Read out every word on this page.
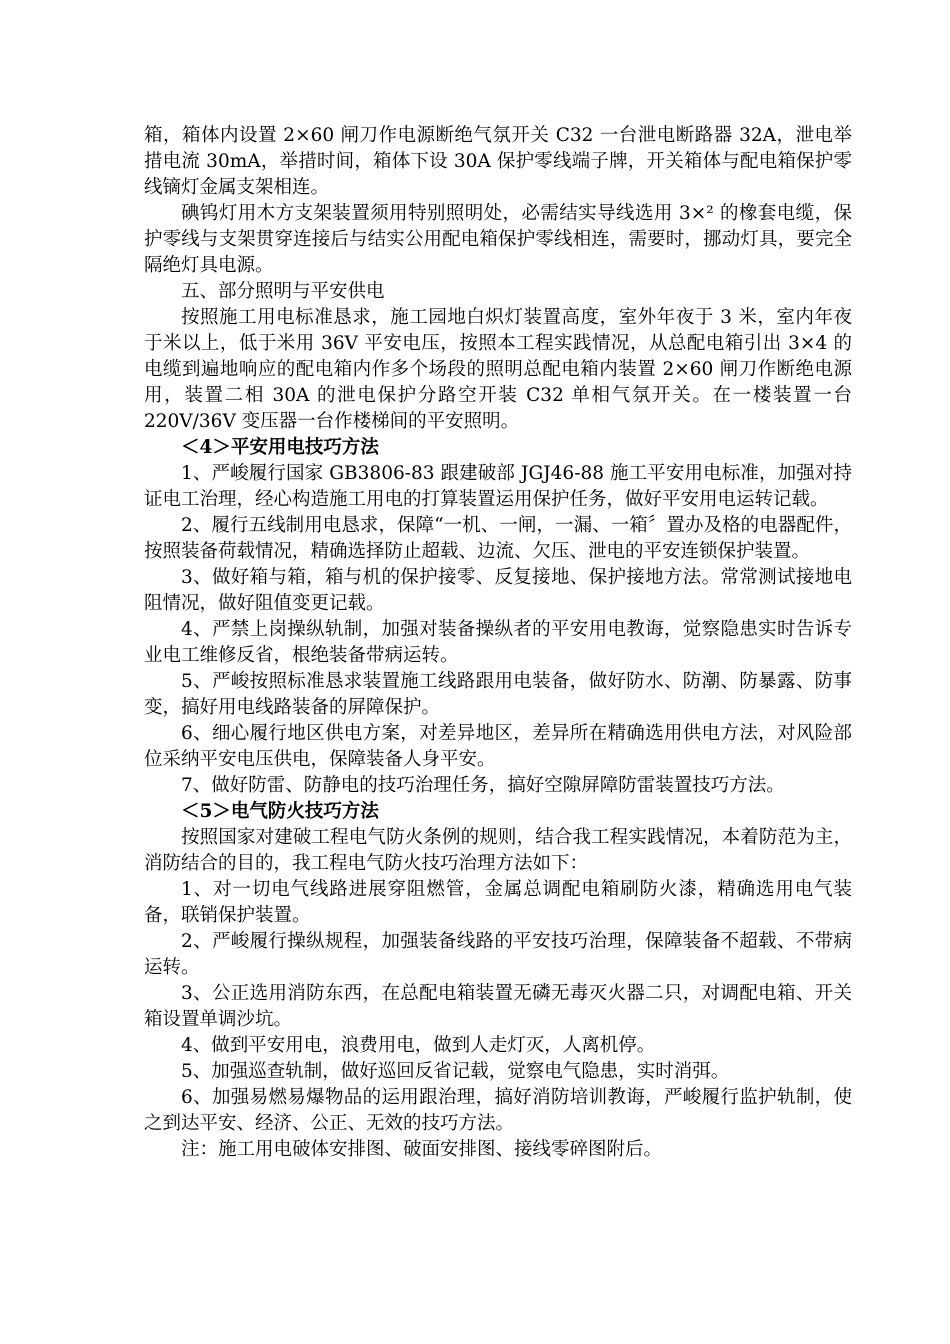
箱，箱体内设置 2×60 闸刀作电源断绝气氛开关 C32 一台泄电断路器 32A，泄电举措电流 30mA，举措时间，箱体下设 30A 保护零线端子牌，开关箱体与配电箱保护零线镝灯金属支架相连。

碘钨灯用木方支架装置须用特别照明处，必需结实导线选用 3×² 的橡套电缆，保护零线与支架贯穿连接后与结实公用配电箱保护零线相连，需要时，挪动灯具，要完全隔绝灯具电源。

五、部分照明与平安供电

按照施工用电标准恳求，施工园地白炽灯装置高度，室外年夜于 3 米，室内年夜于米以上，低于米用 36V 平安电压，按照本工程实践情况，从总配电箱引出 3×4 的电缆到遍地响应的配电箱内作多个场段的照明总配电箱内装置 2×60 闸刀作断绝电源用，装置二相 30A 的泄电保护分路空开装 C32 单相气氛开关。在一楼装置一台 220V/36V 变压器一台作楼梯间的平安照明。

＜4＞平安用电技巧方法

1、严峻履行国家 GB3806-83 跟建破部 JGJ46-88 施工平安用电标准，加强对持证电工治理，经心构造施工用电的打算装置运用保护任务，做好平安用电运转记载。

2、履行五线制用电恳求，保障“一机、一闸，一漏、一箱〞置办及格的电器配件，按照装备荷载情况，精确选择防止超载、边流、欠压、泄电的平安连锁保护装置。

3、做好箱与箱，箱与机的保护接零、反复接地、保护接地方法。常常测试接地电阻情况，做好阻值变更记载。

4、严禁上岗操纵轨制，加强对装备操纵者的平安用电教诲，觉察隐患实时告诉专业电工维修反省，根绝装备带病运转。

5、严峻按照标准恳求装置施工线路跟用电装备，做好防水、防潮、防暴露、防事变，搞好用电线路装备的屏障保护。

6、细心履行地区供电方案，对差异地区，差异所在精确选用供电方法，对风险部位采纳平安电压供电，保障装备人身平安。

7、做好防雷、防静电的技巧治理任务，搞好空隙屏障防雷装置技巧方法。

＜5＞电气防火技巧方法

按照国家对建破工程电气防火条例的规则，结合我工程实践情况，本着防范为主，消防结合的目的，我工程电气防火技巧治理方法如下：

1、对一切电气线路进展穿阻燃管，金属总调配电箱刷防火漆，精确选用电气装备，联销保护装置。

2、严峻履行操纵规程，加强装备线路的平安技巧治理，保障装备不超载、不带病运转。

3、公正选用消防东西，在总配电箱装置无磷无毒灭火器二只，对调配电箱、开关箱设置单调沙坑。

4、做到平安用电，浪费用电，做到人走灯灭，人离机停。

5、加强巡查轨制，做好巡回反省记载，觉察电气隐患，实时消弭。

6、加强易燃易爆物品的运用跟治理，搞好消防培训教诲，严峻履行监护轨制，使之到达平安、经济、公正、无效的技巧方法。

注：施工用电破体安排图、破面安排图、接线零碎图附后。
